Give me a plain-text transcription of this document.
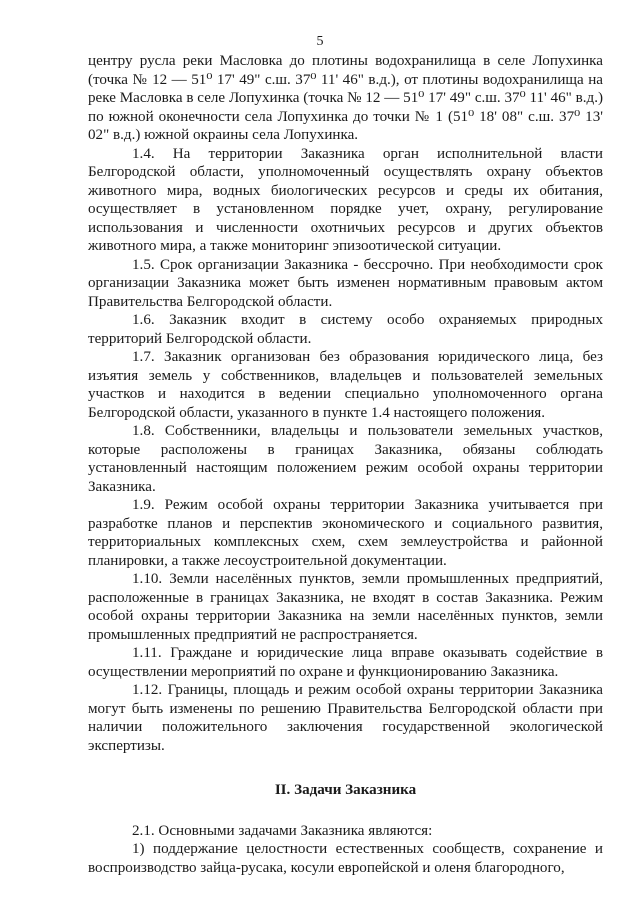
5

центру русла реки Масловка до плотины водохранилища в селе Лопухинка (точка № 12 — 51⁰ 17' 49" с.ш. 37⁰ 11' 46" в.д.), от плотины водохранилища на реке Масловка в селе Лопухинка (точка № 12 — 51⁰ 17' 49" с.ш. 37⁰ 11' 46" в.д.) по южной оконечности села Лопухинка до точки № 1 (51⁰ 18' 08" с.ш. 37⁰ 13' 02" в.д.) южной окраины села Лопухинка.

1.4. На территории Заказника орган исполнительной власти Белгородской области, уполномоченный осуществлять охрану объектов животного мира, водных биологических ресурсов и среды их обитания, осуществляет в установленном порядке учет, охрану, регулирование использования и численности охотничьих ресурсов и других объектов животного мира, а также мониторинг эпизоотической ситуации.

1.5. Срок организации Заказника - бессрочно. При необходимости срок организации Заказника может быть изменен нормативным правовым актом Правительства Белгородской области.

1.6. Заказник входит в систему особо охраняемых природных территорий Белгородской области.

1.7. Заказник организован без образования юридического лица, без изъятия земель у собственников, владельцев и пользователей земельных участков и находится в ведении специально уполномоченного органа Белгородской области, указанного в пункте 1.4 настоящего положения.

1.8. Собственники, владельцы и пользователи земельных участков, которые расположены в границах Заказника, обязаны соблюдать установленный настоящим положением режим особой охраны территории Заказника.

1.9. Режим особой охраны территории Заказника учитывается при разработке планов и перспектив экономического и социального развития, территориальных комплексных схем, схем землеустройства и районной планировки, а также лесоустроительной документации.

1.10. Земли населённых пунктов, земли промышленных предприятий, расположенные в границах Заказника, не входят в состав Заказника. Режим особой охраны территории Заказника на земли населённых пунктов, земли промышленных предприятий не распространяется.

1.11. Граждане и юридические лица вправе оказывать содействие в осуществлении мероприятий по охране и функционированию Заказника.

1.12. Границы, площадь и режим особой охраны территории Заказника могут быть изменены по решению Правительства Белгородской области при наличии положительного заключения государственной экологической экспертизы.

II. Задачи Заказника

2.1. Основными задачами Заказника являются:

1) поддержание целостности естественных сообществ, сохранение и воспроизводство зайца-русака, косули европейской и оленя благородного,
